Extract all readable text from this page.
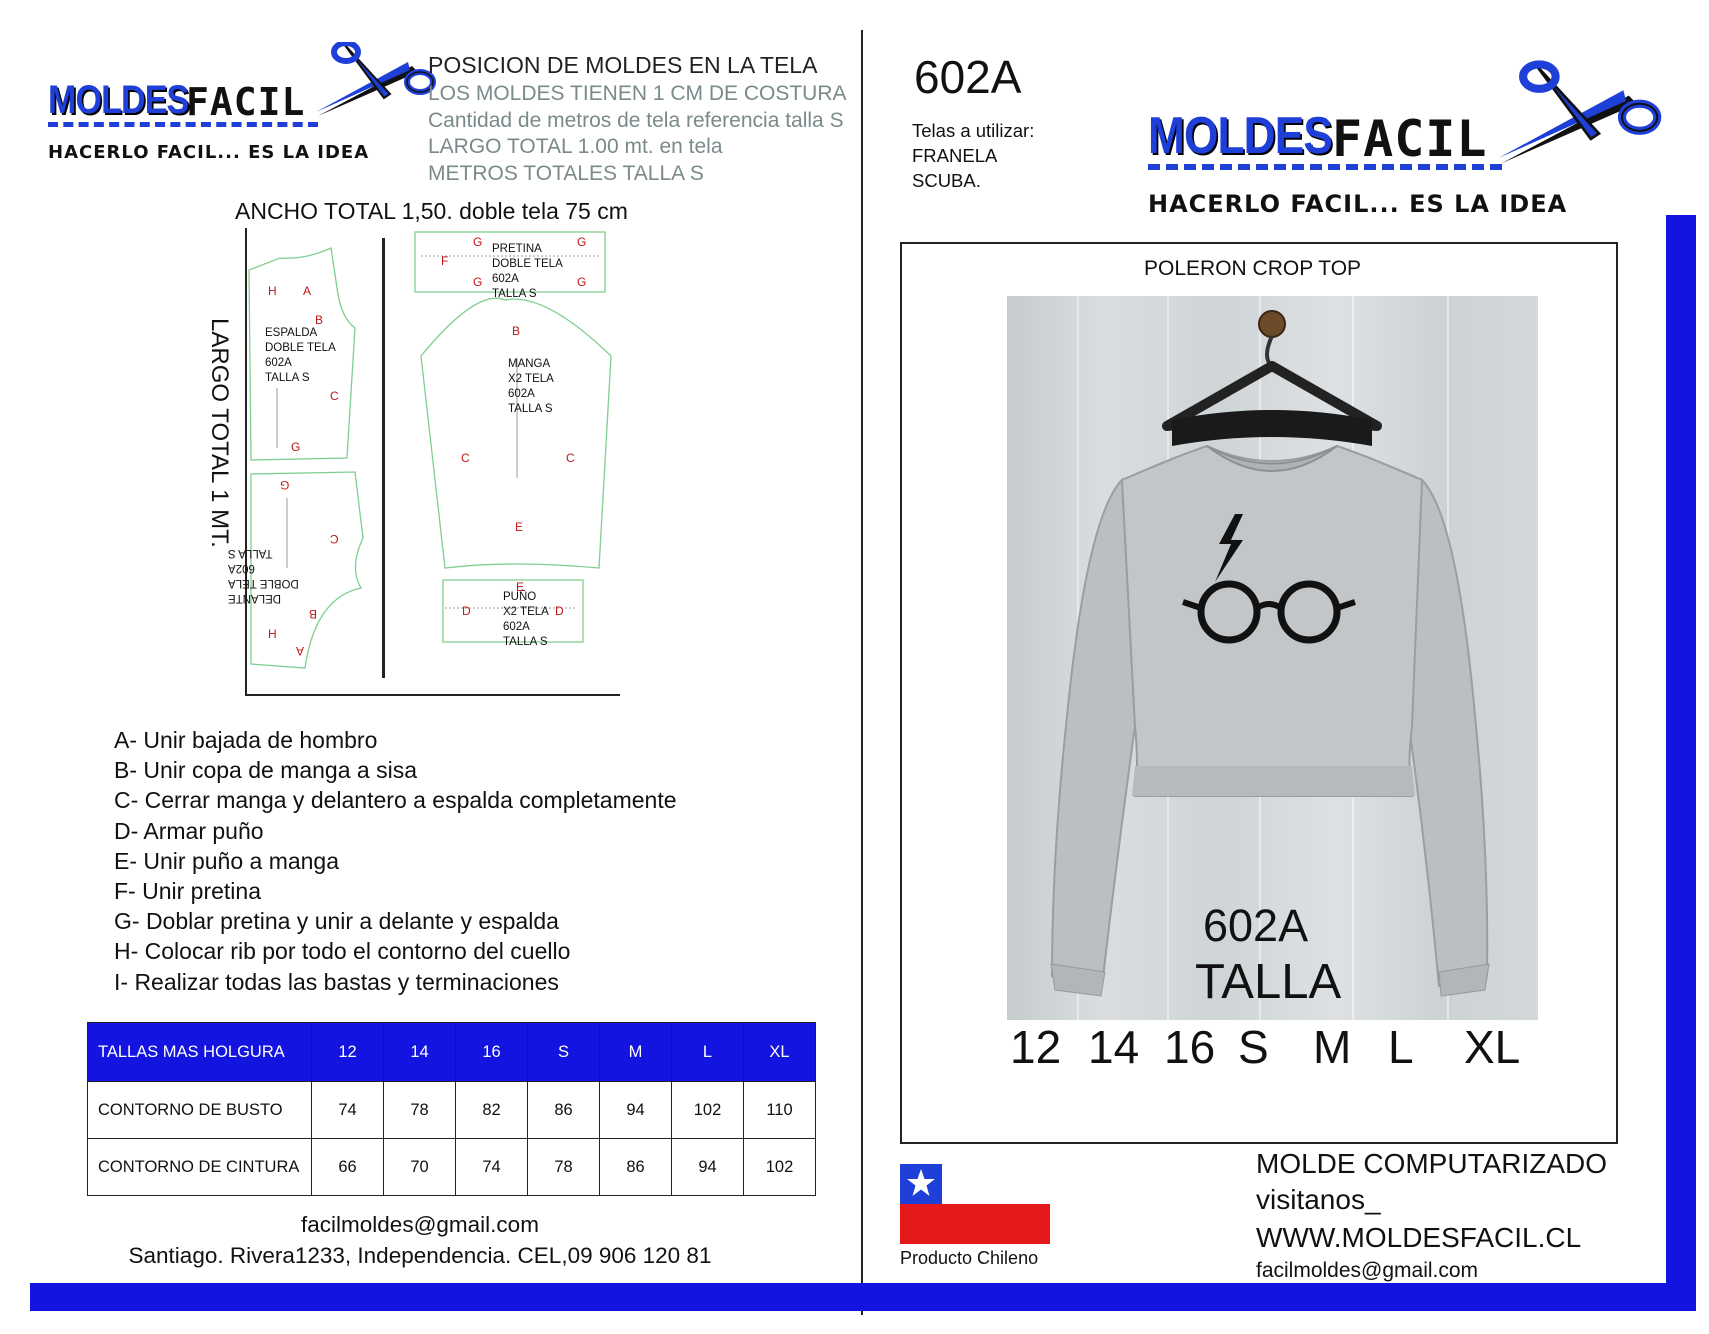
MOLDES
FACIL
HACERLO FACIL... ES LA IDEA
POSICION DE MOLDES EN LA TELA
LOS MOLDES TIENEN 1 CM DE COSTURA
Cantidad de metros de tela referencia talla S
LARGO TOTAL 1.00 mt. en tela
METROS TOTALES TALLA S
ANCHO TOTAL 1,50. doble tela 75 cm
LARGO TOTAL 1 MT.	ESPALDA
DOBLE TELA
602A
TALLA S
DELANTE
DOBLE TELA
602A
TALLA S
PRETINA
DOBLE TELA
602A
TALLA S
MANGA
X2 TELA
602A
TALLA S
PUÑO
X2 TELA
602A
TALLA S
H A
B
C
G
G
C
B
H
A
G	G
F
G	G
B
C	C
E
E
D	D
A- Unir bajada de hombro
B- Unir copa de manga a sisa
C- Cerrar manga y delantero a espalda completamente
D- Armar puño
E- Unir puño a manga
F- Unir pretina
G- Doblar pretina y unir a delante y espalda
H- Colocar rib por todo el contorno del cuello
I- Realizar todas las bastas y terminaciones
TALLAS MAS HOLGURA	12	14	16	S	M	L	XL
CONTORNO DE BUSTO	74	78	82	86	94	102	110
CONTORNO DE CINTURA	66	70	74	78	86	94	102
facilmoldes@gmail.com
Santiago. Rivera1233, Independencia. CEL,09 906 120 81
602A
Telas a utilizar:
FRANELA
SCUBA.
MOLDES FACIL
HACERLO FACIL... ES LA IDEA
POLERON CROP TOP
602A
TALLA
12 14 16 S M L XL
Producto Chileno
MOLDE COMPUTARIZADO
visitanos_
WWW.MOLDESFACIL.CL
facilmoldes@gmail.com
